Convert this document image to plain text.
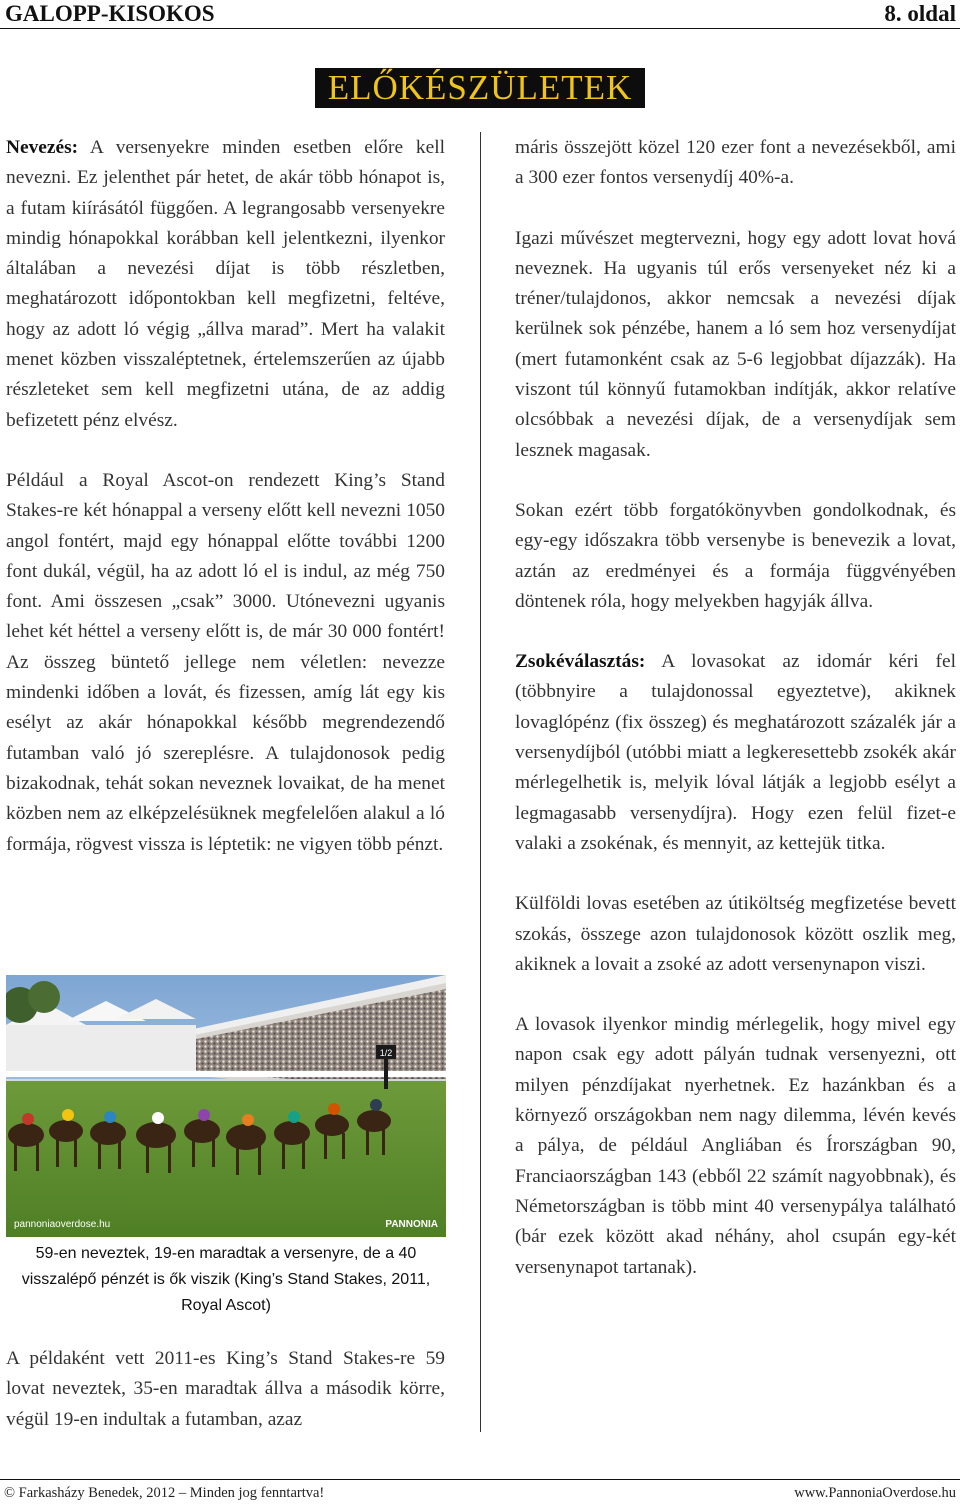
GALOPP-KISOKOS	8. oldal
ELŐKÉSZÜLETEK

Nevezés: A versenyekre minden esetben előre kell nevezni. Ez jelenthet pár hetet, de akár több hónapot is, a futam kiírásától függően. A legrangosabb versenyekre mindig hónapokkal korábban kell jelentkezni, ilyenkor általában a nevezési díjat is több részletben, meghatározott időpontokban kell megfizetni, feltéve, hogy az adott ló végig „állva marad”. Mert ha valakit menet közben visszaléptetnek, értelemszerűen az újabb részleteket sem kell megfizetni utána, de az addig befizetett pénz elvész.

Például a Royal Ascot-on rendezett King’s Stand Stakes-re két hónappal a verseny előtt kell nevezni 1050 angol fontért, majd egy hónappal előtte további 1200 font dukál, végül, ha az adott ló el is indul, az még 750 font. Ami összesen „csak” 3000. Utónevezni ugyanis lehet két héttel a verseny előtt is, de már 30 000 fontért! Az összeg büntető jellege nem véletlen: nevezze mindenki időben a lovát, és fizessen, amíg lát egy kis esélyt az akár hónapokkal később megrendezendő futamban való jó szereplésre. A tulajdonosok pedig bizakodnak, tehát sokan neveznek lovaikat, de ha menet közben nem az elképzelésüknek megfelelően alakul a ló formája, rögvest vissza is léptetik: ne vigyen több pénzt.

1/2
pannoniaoverdose.hu	PANNONIA
59-en neveztek, 19-en maradtak a versenyre, de a 40 visszalépő pénzét is ők viszik (King’s Stand Stakes, 2011, Royal Ascot)

A példaként vett 2011-es King’s Stand Stakes-re 59 lovat neveztek, 35-en maradtak állva a második körre, végül 19-en indultak a futamban, azaz

máris összejött közel 120 ezer font a nevezésekből, ami a 300 ezer fontos versenydíj 40%-a.

Igazi művészet megtervezni, hogy egy adott lovat hová neveznek. Ha ugyanis túl erős versenyeket néz ki a tréner/tulajdonos, akkor nemcsak a nevezési díjak kerülnek sok pénzébe, hanem a ló sem hoz versenydíjat (mert futamonként csak az 5-6 legjobbat díjazzák). Ha viszont túl könnyű futamokban indítják, akkor relatíve olcsóbbak a nevezési díjak, de a versenydíjak sem lesznek magasak.

Sokan ezért több forgatókönyvben gondolkodnak, és egy-egy időszakra több versenybe is benevezik a lovat, aztán az eredményei és a formája függvényében döntenek róla, hogy melyekben hagyják állva.

Zsokéválasztás: A lovasokat az idomár kéri fel (többnyire a tulajdonossal egyeztetve), akiknek lovaglópénz (fix összeg) és meghatározott százalék jár a versenydíjból (utóbbi miatt a legkeresettebb zsokék akár mérlegelhetik is, melyik lóval látják a legjobb esélyt a legmagasabb versenydíjra). Hogy ezen felül fizet-e valaki a zsokénak, és mennyit, az kettejük titka.

Külföldi lovas esetében az útiköltség megfizetése bevett szokás, összege azon tulajdonosok között oszlik meg, akiknek a lovait a zsoké az adott versenynapon viszi.

A lovasok ilyenkor mindig mérlegelik, hogy mivel egy napon csak egy adott pályán tudnak versenyezni, ott milyen pénzdíjakat nyerhetnek. Ez hazánkban és a környező országokban nem nagy dilemma, lévén kevés a pálya, de például Angliában és Írországban 90, Franciaországban 143 (ebből 22 számít nagyobbnak), és Németországban is több mint 40 versenypálya található (bár ezek között akad néhány, ahol csupán egy-két versenynapot tartanak).

© Farkasházy Benedek, 2012 – Minden jog fenntartva!	www.PannoniaOverdose.hu
